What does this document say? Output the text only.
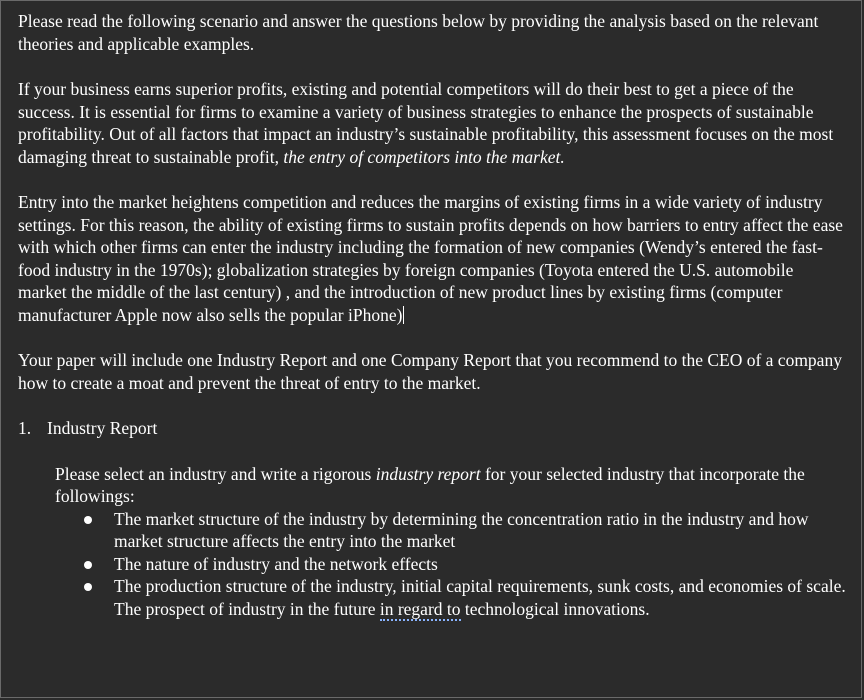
Please read the following scenario and answer the questions below by providing the analysis based on the relevant theories and applicable examples.

If your business earns superior profits, existing and potential competitors will do their best to get a piece of the success. It is essential for firms to examine a variety of business strategies to enhance the prospects of sustainable profitability. Out of all factors that impact an industry’s sustainable profitability, this assessment focuses on the most damaging threat to sustainable profit, the entry of competitors into the market.

Entry into the market heightens competition and reduces the margins of existing firms in a wide variety of industry settings. For this reason, the ability of existing firms to sustain profits depends on how barriers to entry affect the ease with which other firms can enter the industry including the formation of new companies (Wendy’s entered the fast-food industry in the 1970s); globalization strategies by foreign companies (Toyota entered the U.S. automobile market the middle of the last century) , and the introduction of new product lines by existing firms (computer manufacturer Apple now also sells the popular iPhone)

Your paper will include one Industry Report and one Company Report that you recommend to the CEO of a company how to create a moat and prevent the threat of entry to the market.

1. Industry Report

Please select an industry and write a rigorous industry report for your selected industry that incorporate the followings:

The market structure of the industry by determining the concentration ratio in the industry and how market structure affects the entry into the market
The nature of industry and the network effects
The production structure of the industry, initial capital requirements, sunk costs, and economies of scale. The prospect of industry in the future in regard to technological innovations.
